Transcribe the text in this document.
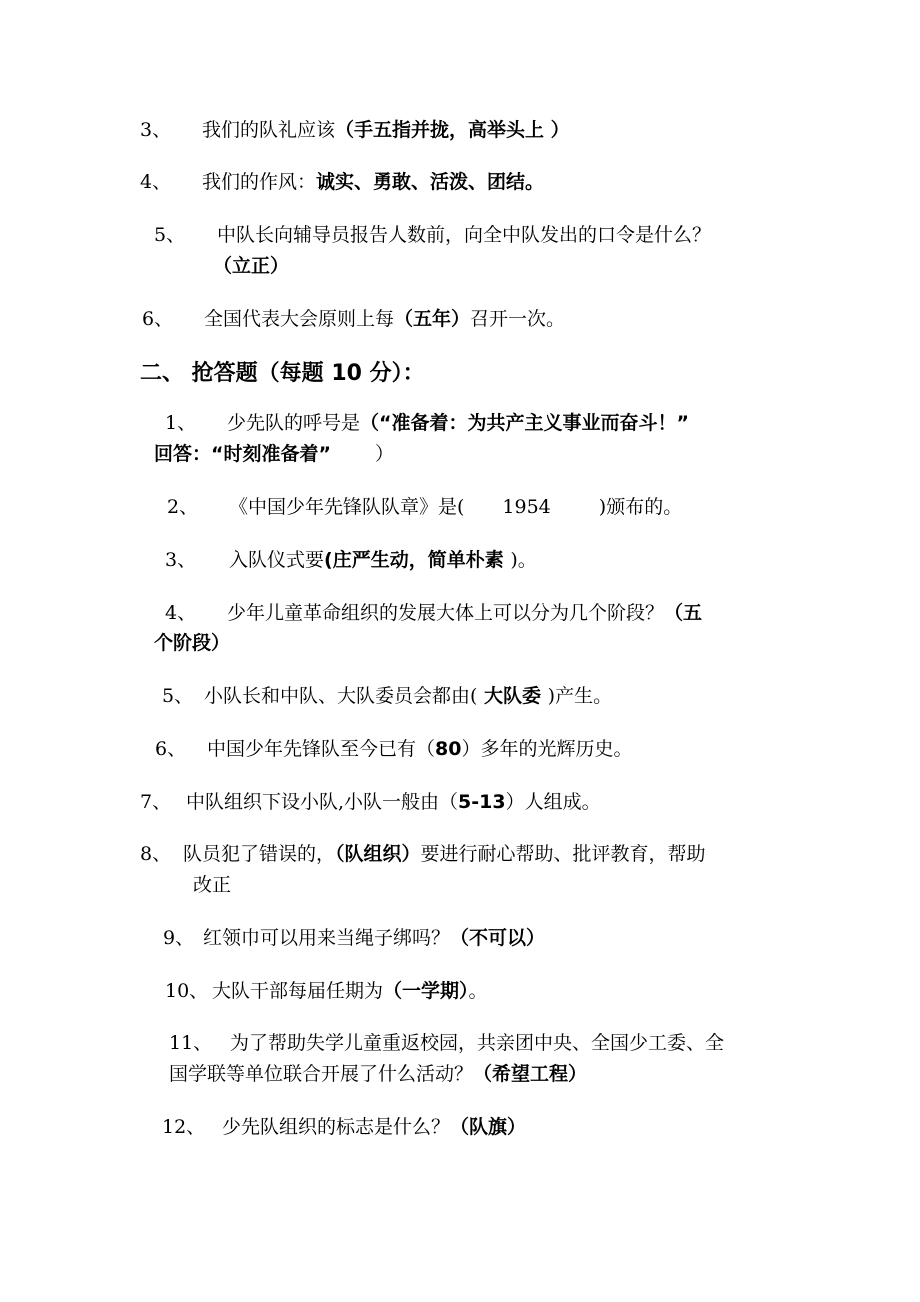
3、 我们的队礼应该（手五指并拢，高举头上 ）
4、 我们的作风：诚实、勇敢、活泼、团结。
5、 中队长向辅导员报告人数前，向全中队发出的口令是什么？
（立正）
6、 全国代表大会原则上每（五年）召开一次。
二、 抢答题（每题 10 分）：
1、 少先队的呼号是（“准备着：为共产主义事业而奋斗！”
回答：“时刻准备着” ）
2、 《中国少年先锋队队章》是( 1954	)颁布的。
3、 入队仪式要(庄严生动，简单朴素 )。
4、 少年儿童革命组织的发展大体上可以分为几个阶段？（五
个阶段）
5、 小队长和中队、大队委员会都由( 大队委 )产生。
6、 中国少年先锋队至今已有（80）多年的光辉历史。
7、 中队组织下设小队,小队一般由（5-13）人组成。
8、 队员犯了错误的，（队组织）要进行耐心帮助、批评教育，帮助
改正
9、 红领巾可以用来当绳子绑吗？（不可以）
10、 大队干部每届任期为（一学期）。
11、 为了帮助失学儿童重返校园，共亲团中央、全国少工委、全
国学联等单位联合开展了什么活动？（希望工程）
12、 少先队组织的标志是什么？（队旗）
